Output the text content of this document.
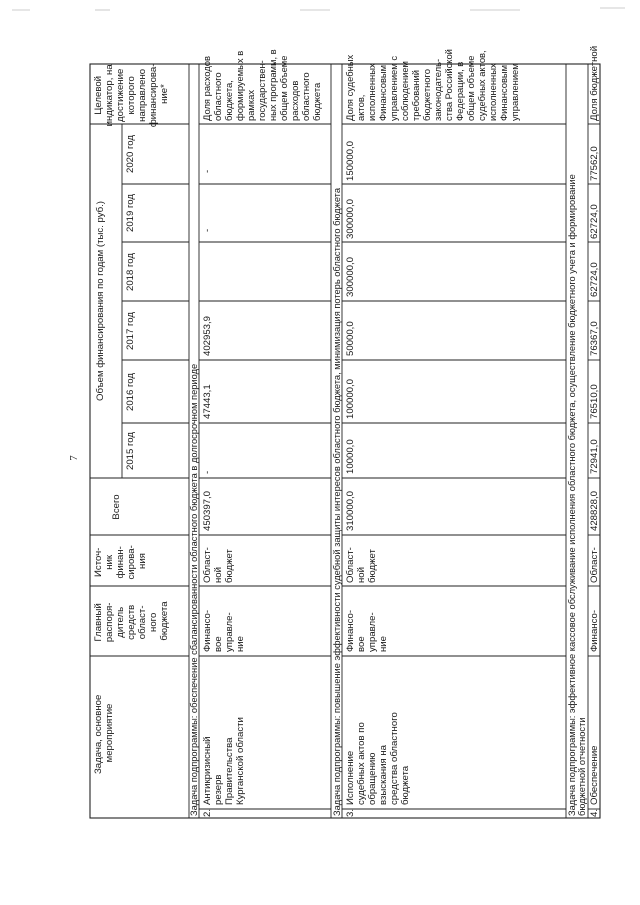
7
Задача, основное мероприятие
Главный распоря- дитель средств област- ного бюджета
Источ- ник финан- сирова- ния
Объем финансирования по годам (тыс. руб.)
Всего
2015 год
2016 год
2017 год
2018 год
2019 год
2020 год
Целевой индикатор, на достижение которого направлено финансирова- ние*
Задача подпрограммы: обеспечение сбалансированности областного бюджета в долгосрочном периоде 2.
Антикризисный резерв Правительства Курганской области
Финансо- вое управле- ние
Област- ной бюджет
450397,0
-
47443,1
402953,9
-
-
Доля расходов областного бюджета, формируемых в рамках государствен- ных программ, в общем объеме расходов областного бюджета
Задача подпрограммы: повышение эффективности судебной защиты интересов областного бюджета, минимизация потерь областного бюджета 3.
Исполнение судебных актов по обращению взыскания на средства областного бюджета
Финансо- вое управле- ние
Област- ной бюджет
310000,0
10000,0
100000,0
50000,0
300000,0
300000,0
150000,0
Доля судебных актов, исполненных Финансовым управлением с соблюдением требований бюджетного законодатель- ства Российской Федерации, в общем объеме судебных актов, исполненных Финансовым управлением
Задача подпрограммы: эффективное кассовое обслуживание исполнения областного бюджета, осуществление бюджетного учета и формирование бюджетной отчетности 4.
Обеспечение
Финансо-
Област-
428828,0
72941,0
76510,0
76367,0
62724,0
62724,0
77562,0
Доля бюджетной
